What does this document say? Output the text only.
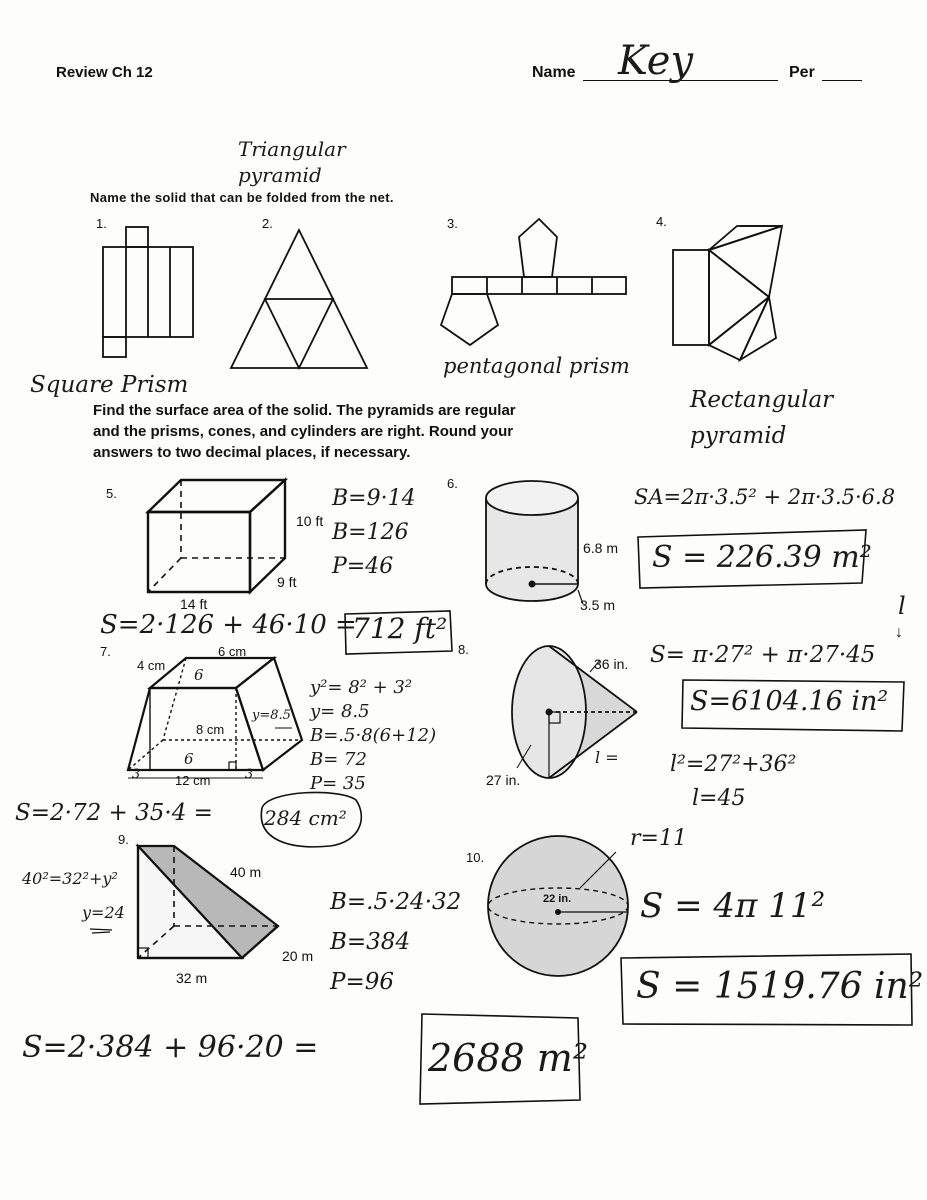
Review Ch 12	Name Key	Per
Name the solid that can be folded from the net.
Triangular pyramid
1.	2.	3.	4.
Square Prism
pentagonal prism
Rectangular pyramid
Find the surface area of the solid. The pyramids are regular
and the prisms, cones, and cylinders are right. Round your
answers to two decimal places, if necessary.
5.
10 ft
9 ft
14 ft
B=9·14
B=126
P=46
S=2·126 + 46·10 =
712 ft²
6.
6.8 m
3.5 m
SA=2π·3.5² + 2π·3.5·6.8
S = 226.39 m²
7.
4 cm
6 cm
6
8 cm
6
12 cm
3	3
y=8.5
y²= 8² + 3²
y= 8.5
B=.5·8(6+12)
B= 72
P= 35
S=2·72 + 35·4 =	284 cm²
8.
36 in.
27 in.
l =
l
↓
S= π·27² + π·27·45
S=6104.16 in²
l²=27²+36²
l=45
9.
40 m
20 m
32 m
40²=32²+y²
y=24	B=.5·24·32
B=384
P=96
S=2·384 + 96·20 =	2688 m²
10.
22 in.
r=11
S = 4π 11²
S = 1519.76 in²
